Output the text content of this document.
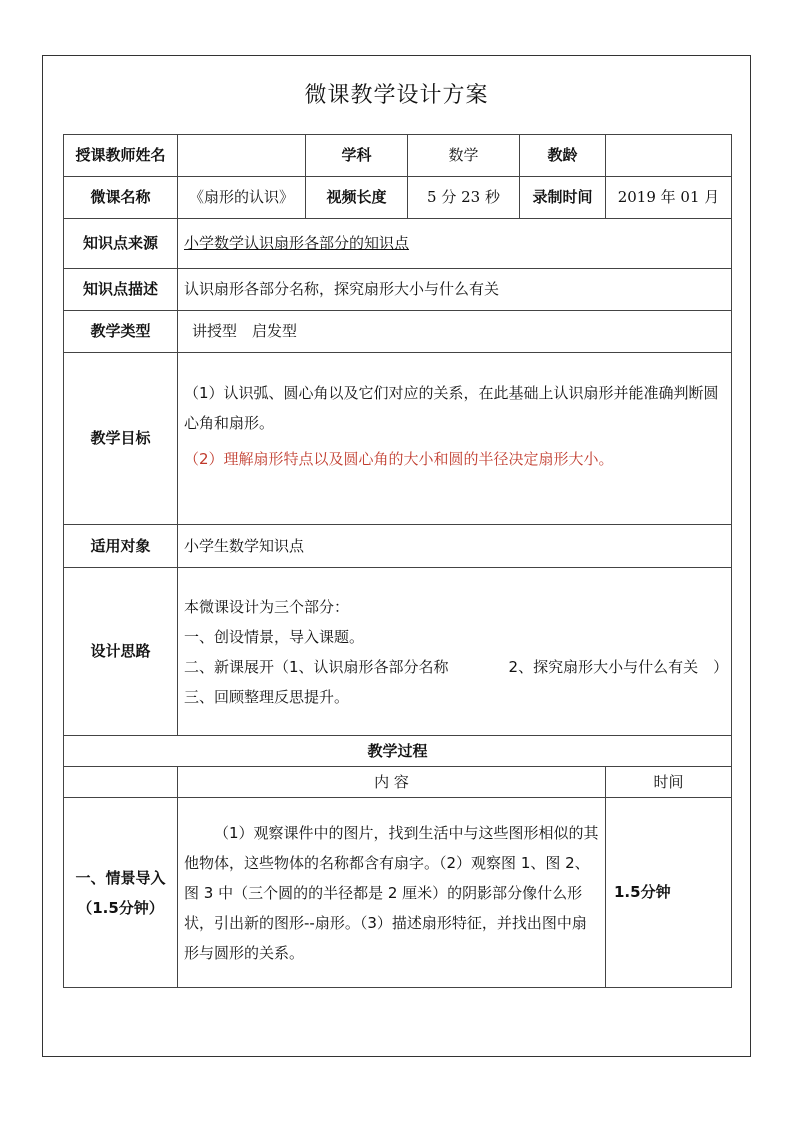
微课教学设计方案
授课教师姓名		学科	数学	教龄	
微课名称	《扇形的认识》	视频长度	5 分 23 秒	录制时间	2019 年 01 月
知识点来源	小学数学认识扇形各部分的知识点				
知识点描述	认识扇形各部分名称，探究扇形大小与什么有关				
教学类型	讲授型　启发型				
教学目标	（1）认识弧、圆心角以及它们对应的关系，在此基础上认识扇形并能准确判断圆心角和扇形。

（2）理解扇形特点以及圆心角的大小和圆的半径决定扇形大小。				

适用对象	小学生数学知识点				
设计思路	本微课设计为三个部分：

一、创设情景，导入课题。

二、新课展开（1、认识扇形各部分名称　　　　2、探究扇形大小与什么有关　）三、回顾整理反思提升。				

教学过程					
	内 容				时间

一、情景导入
（1.5分钟）	（1）观察课件中的图片，找到生活中与这些图形相似的其他物体，这些物体的名称都含有扇字。（2）观察图 1、图 2、图 3 中（三个圆的的半径都是 2 厘米）的阴影部分像什么形状，引出新的图形--扇形。（3）描述扇形特征，并找出图中扇形与圆形的关系。				1.5分钟
